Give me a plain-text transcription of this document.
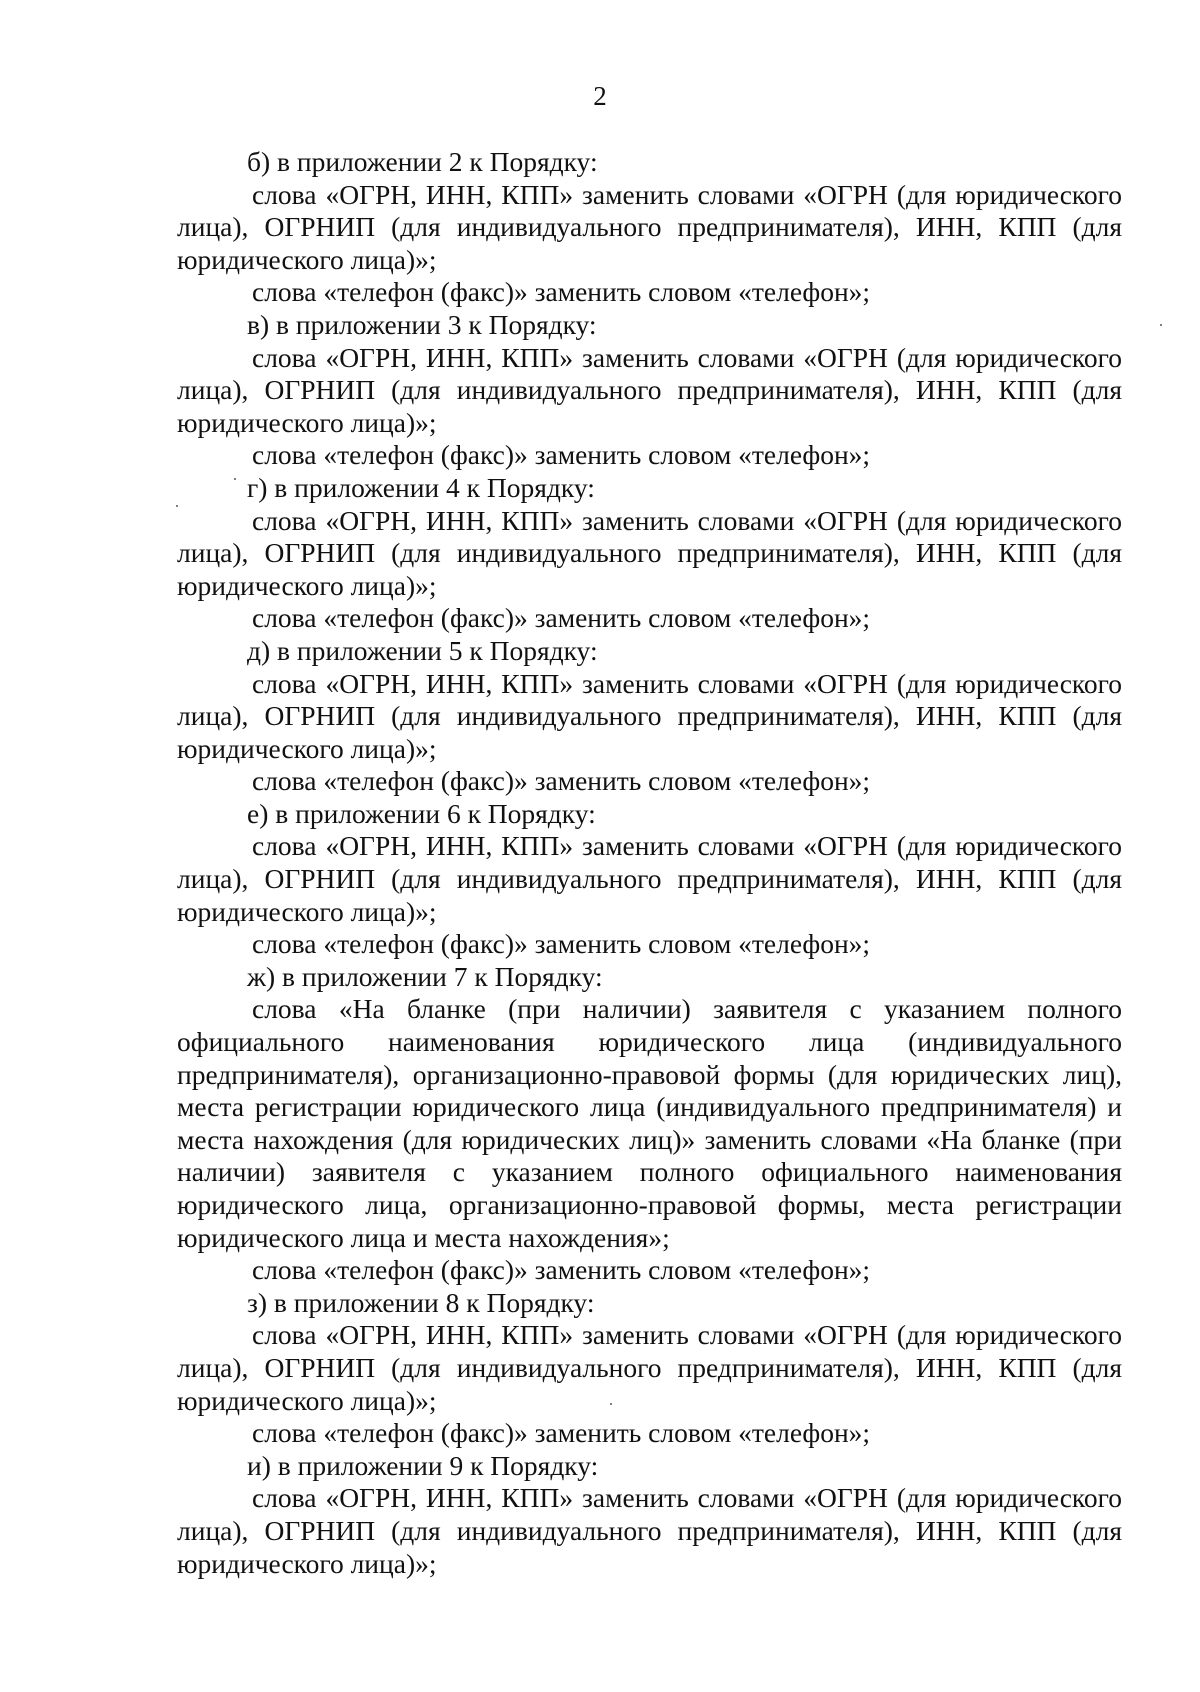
2

б) в приложении 2 к Порядку:

слова «ОГРН, ИНН, КПП» заменить словами «ОГРН (для юридического лица), ОГРНИП (для индивидуального предпринимателя), ИНН, КПП (для юридического лица)»;

слова «телефон (факс)» заменить словом «телефон»;

в) в приложении 3 к Порядку:

слова «ОГРН, ИНН, КПП» заменить словами «ОГРН (для юридического лица), ОГРНИП (для индивидуального предпринимателя), ИНН, КПП (для юридического лица)»;

слова «телефон (факс)» заменить словом «телефон»;

г) в приложении 4 к Порядку:

слова «ОГРН, ИНН, КПП» заменить словами «ОГРН (для юридического лица), ОГРНИП (для индивидуального предпринимателя), ИНН, КПП (для юридического лица)»;

слова «телефон (факс)» заменить словом «телефон»;

д) в приложении 5 к Порядку:

слова «ОГРН, ИНН, КПП» заменить словами «ОГРН (для юридического лица), ОГРНИП (для индивидуального предпринимателя), ИНН, КПП (для юридического лица)»;

слова «телефон (факс)» заменить словом «телефон»;

е) в приложении 6 к Порядку:

слова «ОГРН, ИНН, КПП» заменить словами «ОГРН (для юридического лица), ОГРНИП (для индивидуального предпринимателя), ИНН, КПП (для юридического лица)»;

слова «телефон (факс)» заменить словом «телефон»;

ж) в приложении 7 к Порядку:

слова «На бланке (при наличии) заявителя с указанием полного официального наименования юридического лица (индивидуального предпринимателя), организационно-правовой формы (для юридических лиц), места регистрации юридического лица (индивидуального предпринимателя) и места нахождения (для юридических лиц)» заменить словами «На бланке (при наличии) заявителя с указанием полного официального наименования юридического лица, организационно-правовой формы, места регистрации юридического лица и места нахождения»;

слова «телефон (факс)» заменить словом «телефон»;

з) в приложении 8 к Порядку:

слова «ОГРН, ИНН, КПП» заменить словами «ОГРН (для юридического лица), ОГРНИП (для индивидуального предпринимателя), ИНН, КПП (для юридического лица)»;

слова «телефон (факс)» заменить словом «телефон»;

и) в приложении 9 к Порядку:

слова «ОГРН, ИНН, КПП» заменить словами «ОГРН (для юридического лица), ОГРНИП (для индивидуального предпринимателя), ИНН, КПП (для юридического лица)»;
